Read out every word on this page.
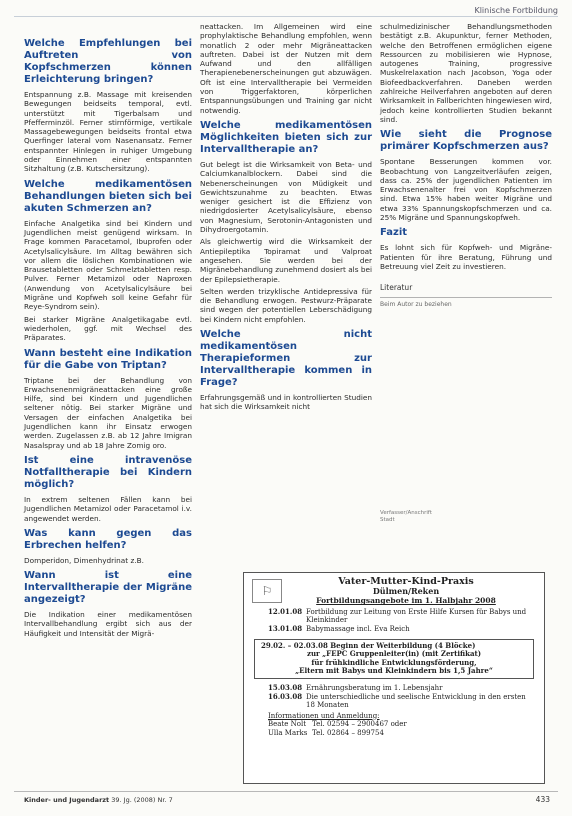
Klinische Fortbildung
Welche Empfehlungen bei Auftreten von Kopfschmerzen können Erleichterung bringen?

Entspannung z.B. Massage mit kreisenden Bewegungen beidseits temporal, evtl. unterstützt mit Tigerbalsam und Pfefferminzöl. Ferner stirnförmige, vertikale Massagebewegungen beidseits frontal etwa Querfinger lateral vom Nasenansatz. Ferner entspannter Hinlegen in ruhiger Umgebung oder Einnehmen einer entspannten Sitzhaltung (z.B. Kutschersitzung).

Welche medikamentösen Behandlungen bieten sich bei akuten Schmerzen an?

Einfache Analgetika sind bei Kindern und Jugendlichen meist genügend wirksam. In Frage kommen Paracetamol, Ibuprofen oder Acetylsalicylsäure. Im Alltag bewähren sich vor allem die löslichen Kombinationen wie Brausetabletten oder Schmelztabletten resp. Pulver. Ferner Metamizol oder Naproxen (Anwendung von Acetylsalicylsäure bei Migräne und Kopfweh soll keine Gefahr für Reye-Syndrom sein).

Bei starker Migräne Analgetikagabe evtl. wiederholen, ggf. mit Wechsel des Präparates.

Wann besteht eine Indikation für die Gabe von Triptan?

Triptane bei der Behandlung von Erwachsenenmigräneattacken eine große Hilfe, sind bei Kindern und Jugendlichen seltener nötig. Bei starker Migräne und Versagen der einfachen Analgetika bei Jugendlichen kann ihr Einsatz erwogen werden. Zugelassen z.B. ab 12 Jahre Imigran Nasalspray und ab 18 Jahre Zomig oro.

Ist eine intravenöse Notfalltherapie bei Kindern möglich?

In extrem seltenen Fällen kann bei Jugendlichen Metamizol oder Paracetamol i.v. angewendet werden.

Was kann gegen das Erbrechen helfen?

Domperidon, Dimenhydrinat z.B.

Wann ist eine Intervalltherapie der Migräne angezeigt?

Die Indikation einer medikamentösen Intervallbehandlung ergibt sich aus der Häufigkeit und Intensität der Migrä-

neattacken. Im Allgemeinen wird eine prophylaktische Behandlung empfohlen, wenn monatlich 2 oder mehr Migräneattacken auftreten. Dabei ist der Nutzen mit dem Aufwand und den allfälligen Therapienebenerscheinungen gut abzuwägen. Oft ist eine Intervalltherapie bei Vermeiden von Triggerfaktoren, körperlichen Entspannungsübungen und Training gar nicht notwendig.

Welche medikamentösen Möglichkeiten bieten sich zur Intervalltherapie an?

Gut belegt ist die Wirksamkeit von Beta- und Calciumkanalblockern. Dabei sind die Nebenerscheinungen von Müdigkeit und Gewichtszunahme zu beachten. Etwas weniger gesichert ist die Effizienz von niedrigdosierter Acetylsalicylsäure, ebenso von Magnesium, Serotonin-Antagonisten und Dihydroergotamin.

Als gleichwertig wird die Wirksamkeit der Antiepileptika Topiramat und Valproat angesehen. Sie werden bei der Migränebehandlung zunehmend dosiert als bei der Epilepsietherapie.

Selten werden trizyklische Antidepressiva für die Behandlung erwogen. Pestwurz-Präparate sind wegen der potentiellen Leberschädigung bei Kindern nicht empfohlen.

Welche nicht medikamentösen Therapieformen zur Intervalltherapie kommen in Frage?

Erfahrungsgemäß und in kontrollierten Studien hat sich die Wirksamkeit nicht

schulmedizinischer Behandlungsmethoden bestätigt z.B. Akupunktur, ferner Methoden, welche den Betroffenen ermöglichen eigene Ressourcen zu mobilisieren wie Hypnose, autogenes Training, progressive Muskelrelaxation nach Jacobson, Yoga oder Biofeedbackverfahren. Daneben werden zahlreiche Heilverfahren angeboten auf deren Wirksamkeit in Fallberichten hingewiesen wird, jedoch keine kontrollierten Studien bekannt sind.

Wie sieht die Prognose primärer Kopfschmerzen aus?

Spontane Besserungen kommen vor. Beobachtung von Langzeitverläufen zeigen, dass ca. 25% der jugendlichen Patienten im Erwachsenenalter frei von Kopfschmerzen sind. Etwa 15% haben weiter Migräne und etwa 33% Spannungskopfschmerzen und ca. 25% Migräne und Spannungskopfweh.

Fazit

Es lohnt sich für Kopfweh- und Migräne-Patienten für ihre Beratung, Führung und Betreuung viel Zeit zu investieren.

Literatur
Beim Autor zu beziehen
Verfasser/Anschrift
Stadt
⚐
Vater-Mutter-Kind-Praxis
Dülmen/Reken
Fortbildungsangebote im 1. Halbjahr 2008
12.01.08 Fortbildung zur Leitung von Erste Hilfe Kursen für Babys und Kleinkinder
13.01.08 Babymassage incl. Eva Reich
29.02. – 02.03.08 Beginn der Weiterbildung (4 Blöcke)
zur „FEPC Gruppenleiter(in) (mit Zertifikat)
für frühkindliche Entwicklungsförderung,
„Eltern mit Babys und Kleinkindern bis 1,5 Jahre“
15.03.08 Ernährungsberatung im 1. Lebensjahr
16.03.08 Die unterschiedliche und seelische Entwicklung in den ersten 18 Monaten
Informationen und Anmeldung:
Beate Nolt Tel. 02594 – 2900467 oder
Ulla Marks Tel. 02864 – 899754
Kinder- und Jugendarzt 39. Jg. (2008) Nr. 7	433
